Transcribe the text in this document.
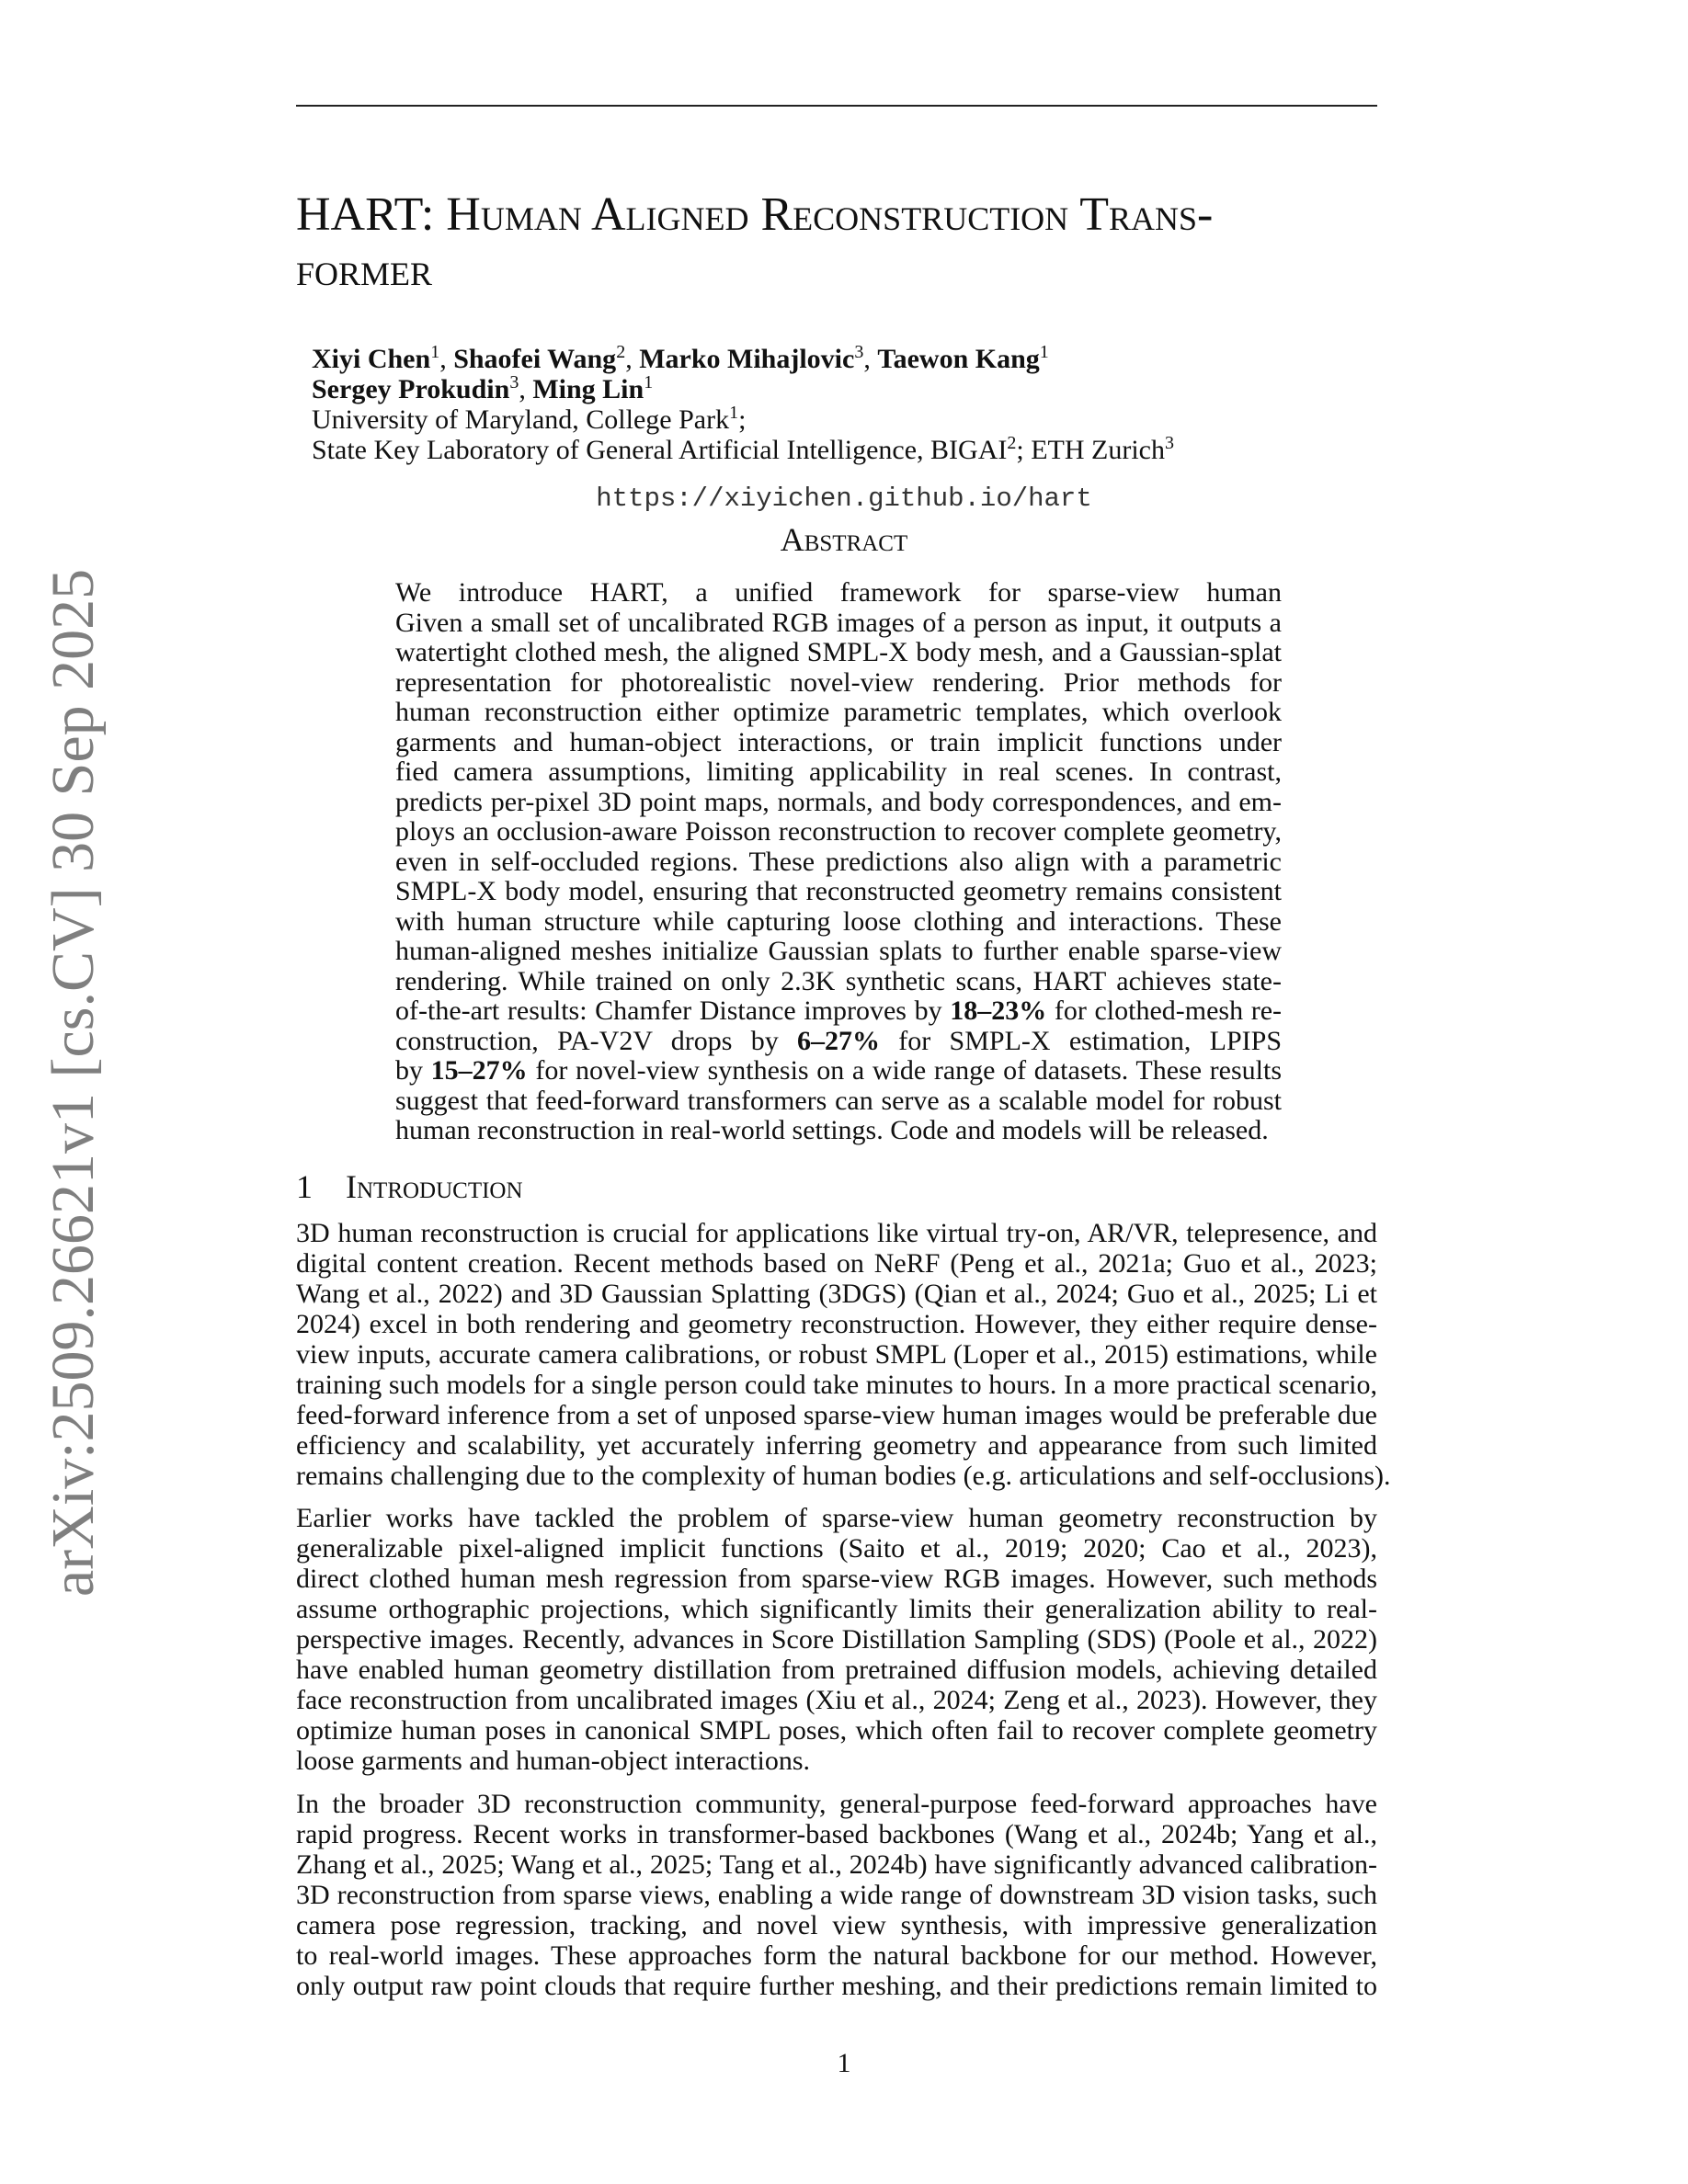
arXiv:2509.26621v1 [cs.CV] 30 Sep 2025
HART: Human Aligned Reconstruction Trans-
former
Xiyi Chen$^1$, Shaofei Wang$^2$, Marko Mihajlovic$^3$, Taewon Kang$^1$
Sergey Prokudin$^3$, Ming Lin$^1$
University of Maryland, College Park$^1$;
State Key Laboratory of General Artificial Intelligence, BIGAI$^2$; ETH Zurich$^3$
https://xiyichen.github.io/hart
Abstract
We introduce HART, a unified framework for sparse-view human
Given a small set of uncalibrated RGB images of a person as input, it outputs a
watertight clothed mesh, the aligned SMPL-X body mesh, and a Gaussian-splat
representation for photorealistic novel-view rendering. Prior methods for
human reconstruction either optimize parametric templates, which overlook
garments and human-object interactions, or train implicit functions under
fied camera assumptions, limiting applicability in real scenes. In contrast,
predicts per-pixel 3D point maps, normals, and body correspondences, and em-
ploys an occlusion-aware Poisson reconstruction to recover complete geometry,
even in self-occluded regions. These predictions also align with a parametric
SMPL-X body model, ensuring that reconstructed geometry remains consistent
with human structure while capturing loose clothing and interactions. These
human-aligned meshes initialize Gaussian splats to further enable sparse-view
rendering. While trained on only 2.3K synthetic scans, HART achieves state-
of-the-art results: Chamfer Distance improves by 18–23% for clothed-mesh re-
construction, PA-V2V drops by 6–27% for SMPL-X estimation, LPIPS
by 15–27% for novel-view synthesis on a wide range of datasets. These results
suggest that feed-forward transformers can serve as a scalable model for robust
human reconstruction in real-world settings. Code and models will be released.
1 Introduction
3D human reconstruction is crucial for applications like virtual try-on, AR/VR, telepresence, and
digital content creation. Recent methods based on NeRF (Peng et al., 2021a; Guo et al., 2023;
Wang et al., 2022) and 3D Gaussian Splatting (3DGS) (Qian et al., 2024; Guo et al., 2025; Li et
2024) excel in both rendering and geometry reconstruction. However, they either require dense-
view inputs, accurate camera calibrations, or robust SMPL (Loper et al., 2015) estimations, while
training such models for a single person could take minutes to hours. In a more practical scenario,
feed-forward inference from a set of unposed sparse-view human images would be preferable due
efficiency and scalability, yet accurately inferring geometry and appearance from such limited
remains challenging due to the complexity of human bodies (e.g. articulations and self-occlusions).
Earlier works have tackled the problem of sparse-view human geometry reconstruction by
generalizable pixel-aligned implicit functions (Saito et al., 2019; 2020; Cao et al., 2023),
direct clothed human mesh regression from sparse-view RGB images. However, such methods
assume orthographic projections, which significantly limits their generalization ability to real-
perspective images. Recently, advances in Score Distillation Sampling (SDS) (Poole et al., 2022)
have enabled human geometry distillation from pretrained diffusion models, achieving detailed
face reconstruction from uncalibrated images (Xiu et al., 2024; Zeng et al., 2023). However, they
optimize human poses in canonical SMPL poses, which often fail to recover complete geometry
loose garments and human-object interactions.
In the broader 3D reconstruction community, general-purpose feed-forward approaches have
rapid progress. Recent works in transformer-based backbones (Wang et al., 2024b; Yang et al.,
Zhang et al., 2025; Wang et al., 2025; Tang et al., 2024b) have significantly advanced calibration-
3D reconstruction from sparse views, enabling a wide range of downstream 3D vision tasks, such
camera pose regression, tracking, and novel view synthesis, with impressive generalization
to real-world images. These approaches form the natural backbone for our method. However,
only output raw point clouds that require further meshing, and their predictions remain limited to
1
